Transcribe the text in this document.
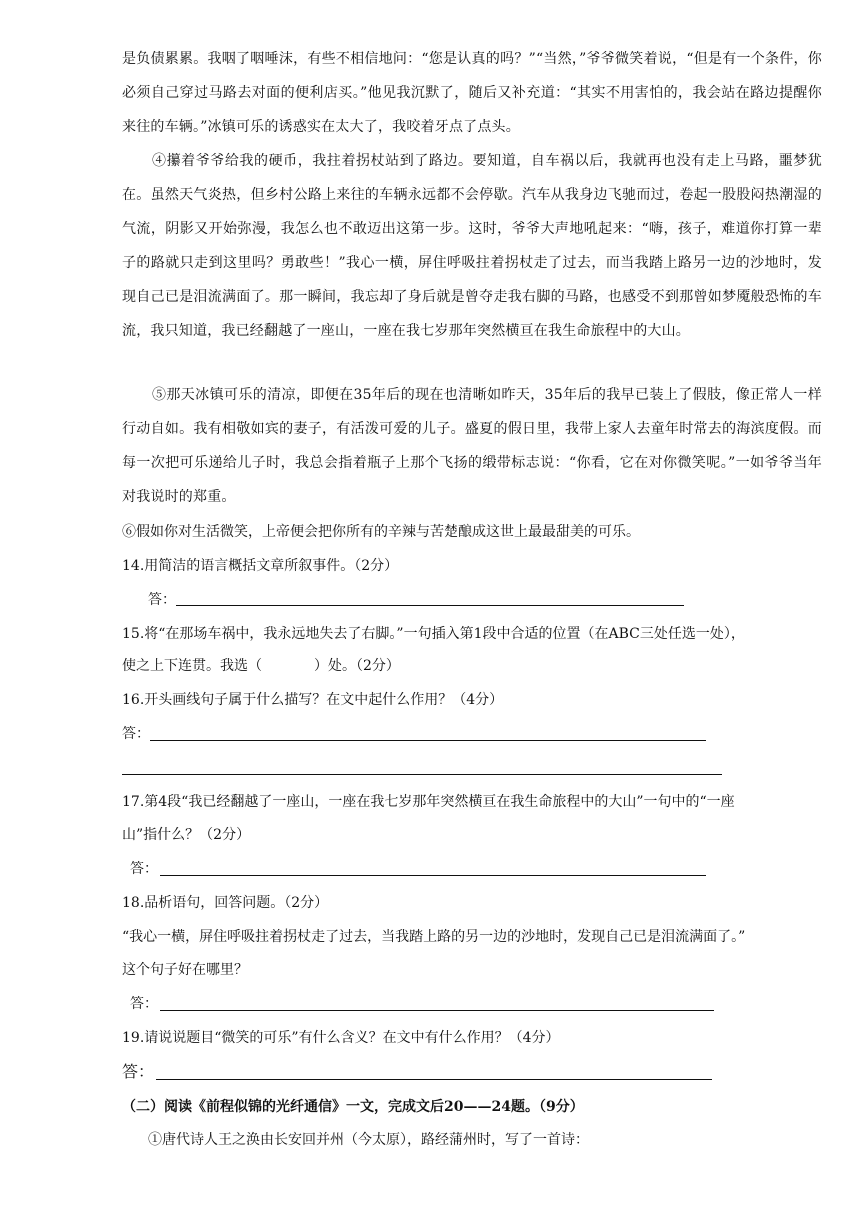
是负债累累。我咽了咽唾沫，有些不相信地问：“您是认真的吗？”“当然，”爷爷微笑着说，“但是有一个条件，你必须自己穿过马路去对面的便利店买。”他见我沉默了，随后又补充道：“其实不用害怕的，我会站在路边提醒你来往的车辆。”冰镇可乐的诱惑实在太大了，我咬着牙点了点头。

④攥着爷爷给我的硬币，我拄着拐杖站到了路边。要知道，自车祸以后，我就再也没有走上马路，噩梦犹在。虽然天气炎热，但乡村公路上来往的车辆永远都不会停歇。汽车从我身边飞驰而过，卷起一股股闷热潮湿的气流，阴影又开始弥漫，我怎么也不敢迈出这第一步。这时，爷爷大声地吼起来：“嗨，孩子，难道你打算一辈子的路就只走到这里吗？勇敢些！”我心一横，屏住呼吸拄着拐杖走了过去，而当我踏上路另一边的沙地时，发现自己已是泪流满面了。那一瞬间，我忘却了身后就是曾夺走我右脚的马路，也感受不到那曾如梦魇般恐怖的车流，我只知道，我已经翻越了一座山，一座在我七岁那年突然横亘在我生命旅程中的大山。

⑤那天冰镇可乐的清凉，即便在35年后的现在也清晰如昨天，35年后的我早已装上了假肢，像正常人一样行动自如。我有相敬如宾的妻子，有活泼可爱的儿子。盛夏的假日里，我带上家人去童年时常去的海滨度假。而每一次把可乐递给儿子时，我总会指着瓶子上那个飞扬的缎带标志说：“你看，它在对你微笑呢。”一如爷爷当年对我说时的郑重。

⑥假如你对生活微笑，上帝便会把你所有的辛辣与苦楚酿成这世上最最甜美的可乐。

14.用简洁的语言概括文章所叙事件。（2分）

答：

15.将“在那场车祸中，我永远地失去了右脚。”一句插入第1段中合适的位置（在ABC三处任选一处），

使之上下连贯。我选（	）处。（2分）

16.开头画线句子属于什么描写？在文中起什么作用？（4分）

答：

17.第4段“我已经翻越了一座山，一座在我七岁那年突然横亘在我生命旅程中的大山”一句中的“一座

山”指什么？（2分）

答：

18.品析语句，回答问题。（2分）

“我心一横，屏住呼吸拄着拐杖走了过去，当我踏上路的另一边的沙地时，发现自己已是泪流满面了。”

这个句子好在哪里？

答：

19.请说说题目“微笑的可乐”有什么含义？在文中有什么作用？（4分）

答：

（二）阅读《前程似锦的光纤通信》一文，完成文后20——24题。（9分）

①唐代诗人王之涣由长安回并州（今太原），路经蒲州时，写了一首诗：
